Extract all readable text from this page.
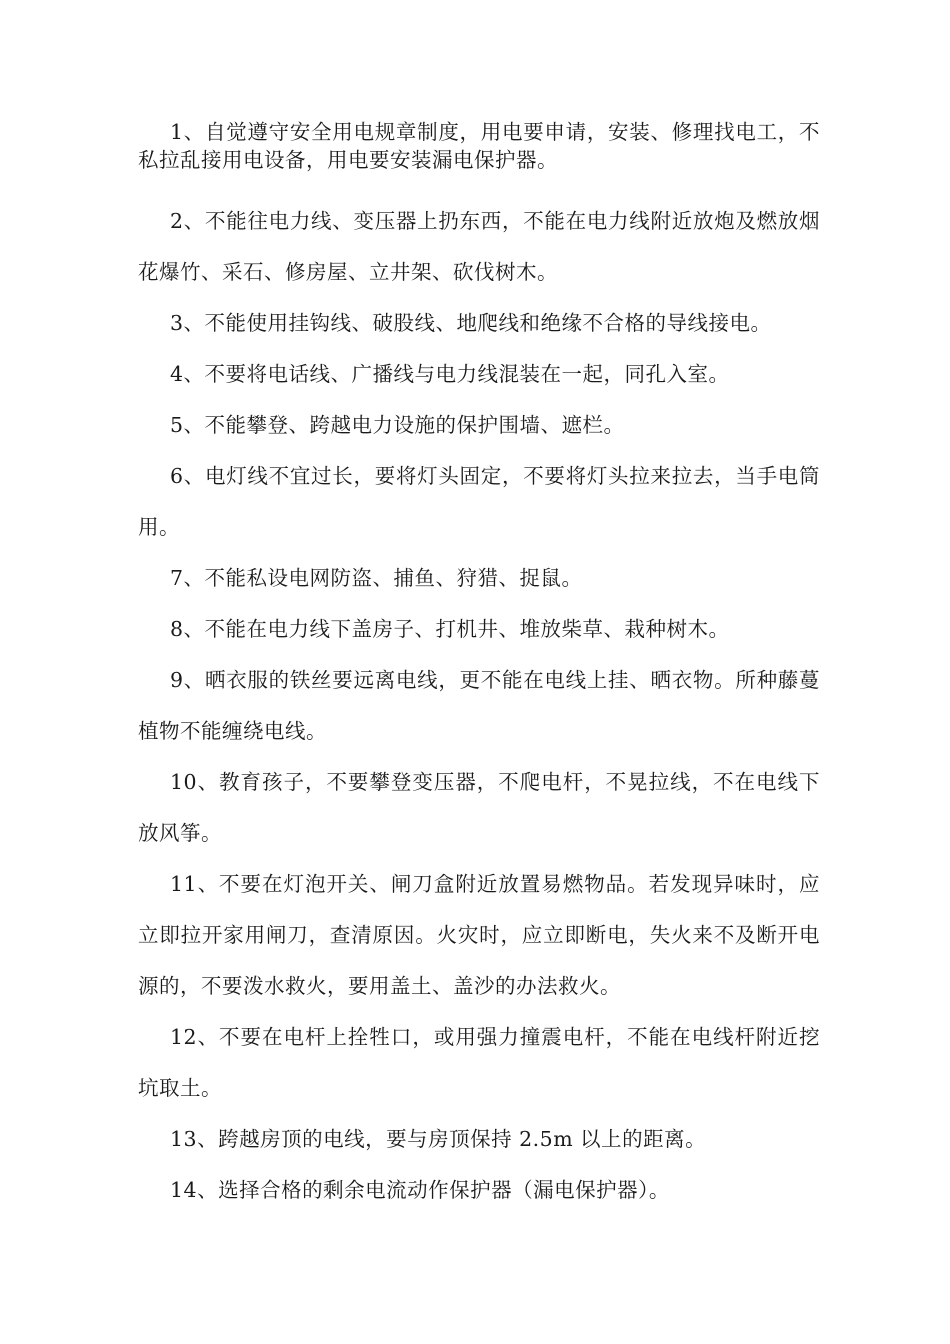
1、自觉遵守安全用电规章制度，用电要申请，安装、修理找电工，不私拉乱接用电设备，用电要安装漏电保护器。

2、不能往电力线、变压器上扔东西，不能在电力线附近放炮及燃放烟花爆竹、采石、修房屋、立井架、砍伐树木。

3、不能使用挂钩线、破股线、地爬线和绝缘不合格的导线接电。

4、不要将电话线、广播线与电力线混装在一起，同孔入室。

5、不能攀登、跨越电力设施的保护围墙、遮栏。

6、电灯线不宜过长，要将灯头固定，不要将灯头拉来拉去，当手电筒用。

7、不能私设电网防盗、捕鱼、狩猎、捉鼠。

8、不能在电力线下盖房子、打机井、堆放柴草、栽种树木。

9、晒衣服的铁丝要远离电线，更不能在电线上挂、晒衣物。所种藤蔓植物不能缠绕电线。

10、教育孩子，不要攀登变压器，不爬电杆，不晃拉线，不在电线下放风筝。

11、不要在灯泡开关、闸刀盒附近放置易燃物品。若发现异味时，应立即拉开家用闸刀，查清原因。火灾时，应立即断电，失火来不及断开电源的，不要泼水救火，要用盖土、盖沙的办法救火。

12、不要在电杆上拴牲口，或用强力撞震电杆，不能在电线杆附近挖坑取土。

13、跨越房顶的电线，要与房顶保持 2.5m 以上的距离。

14、选择合格的剩余电流动作保护器（漏电保护器）。
